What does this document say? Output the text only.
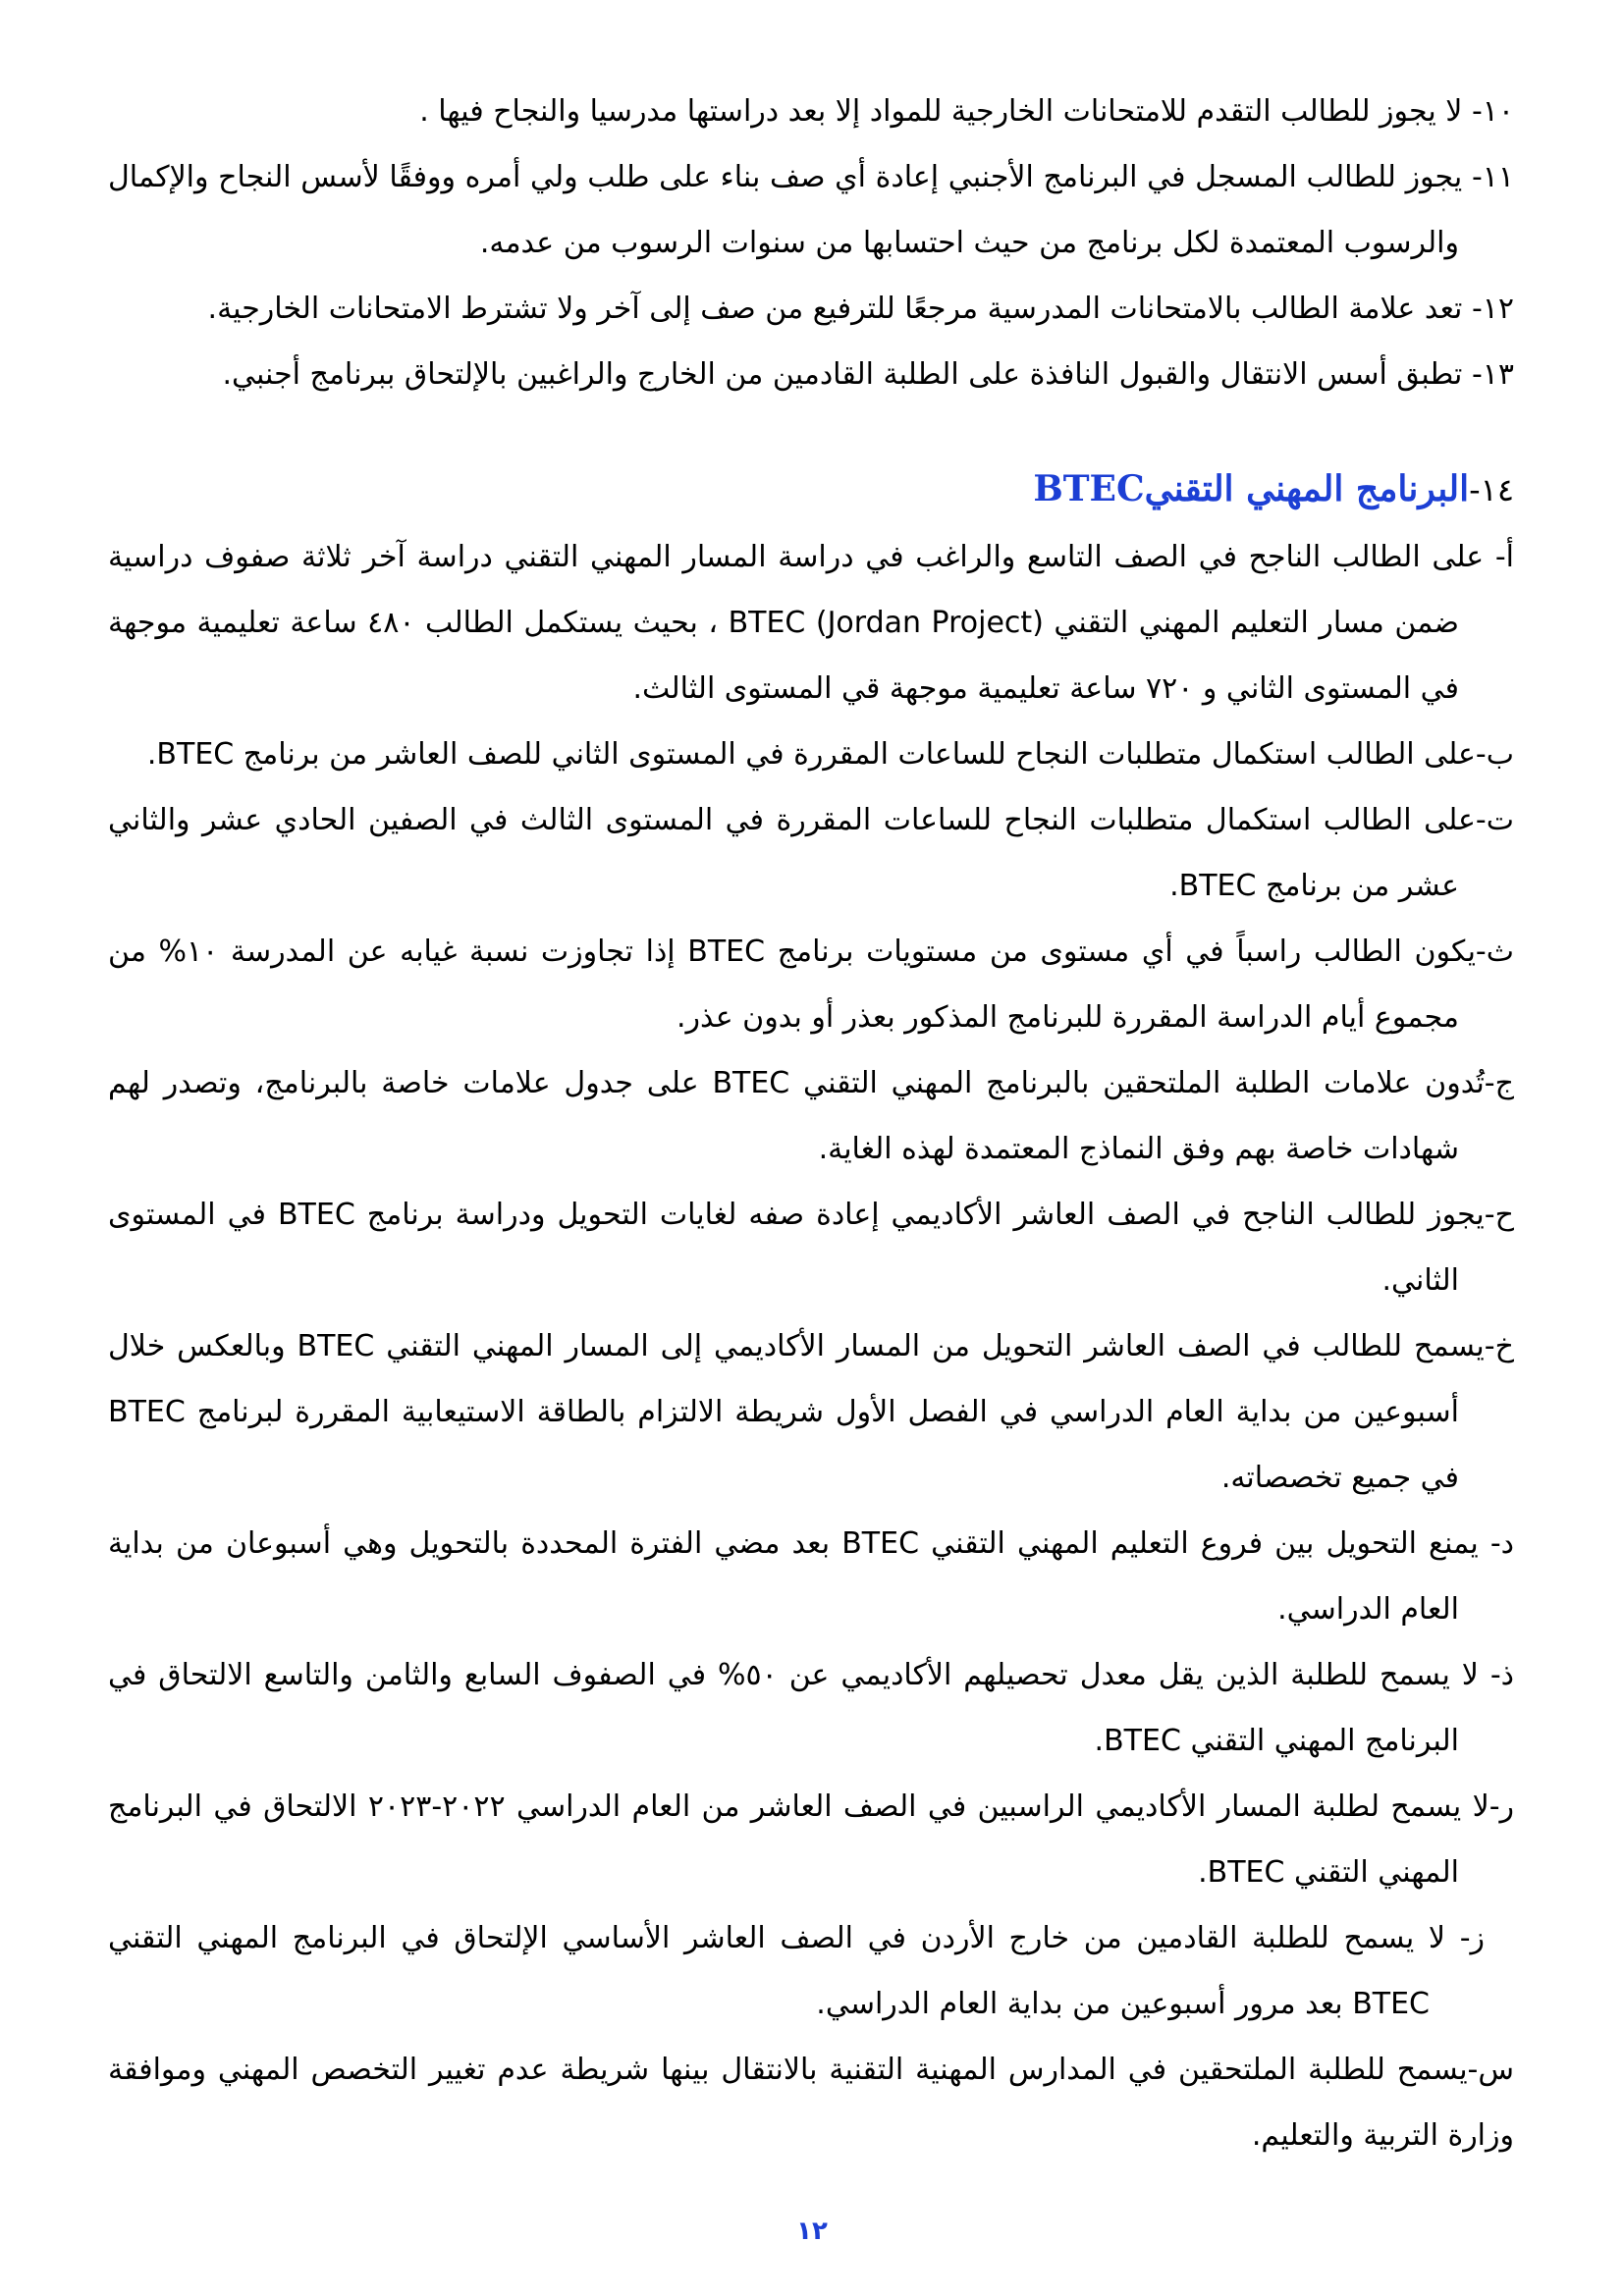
١٠- لا يجوز للطالب التقدم للامتحانات الخارجية للمواد إلا بعد دراستها مدرسيا والنجاح فيها .

١١- يجوز للطالب المسجل في البرنامج الأجنبي إعادة أي صف بناء على طلب ولي أمره ووفقًا لأسس النجاح والإكمال والرسوب المعتمدة لكل برنامج من حيث احتسابها من سنوات الرسوب من عدمه.

١٢- تعد علامة الطالب بالامتحانات المدرسية مرجعًا للترفيع من صف إلى آخر ولا تشترط الامتحانات الخارجية.

١٣- تطبق أسس الانتقال والقبول النافذة على الطلبة القادمين من الخارج والراغبين بالإلتحاق ببرنامج أجنبي.

١٤-البرنامج المهني التقنيBTEC

أ- على الطالب الناجح في الصف التاسع والراغب في دراسة المسار المهني التقني دراسة آخر ثلاثة صفوف دراسية ضمن مسار التعليم المهني التقني (BTEC (Jordan Project ، بحيث يستكمل الطالب ٤٨٠ ساعة تعليمية موجهة في المستوى الثاني و ٧٢٠ ساعة تعليمية موجهة قي المستوى الثالث.

ب-على الطالب استكمال متطلبات النجاح للساعات المقررة في المستوى الثاني للصف العاشر من برنامج BTEC.

ت-على الطالب استكمال متطلبات النجاح للساعات المقررة في المستوى الثالث في الصفين الحادي عشر والثاني عشر من برنامج BTEC.

ث-يكون الطالب راسباً في أي مستوى من مستويات برنامج BTEC إذا تجاوزت نسبة غيابه عن المدرسة ١٠% من مجموع أيام الدراسة المقررة للبرنامج المذكور بعذر أو بدون عذر.

ج-تُدون علامات الطلبة الملتحقين بالبرنامج المهني التقني BTEC على جدول علامات خاصة بالبرنامج، وتصدر لهم شهادات خاصة بهم وفق النماذج المعتمدة لهذه الغاية.

ح-يجوز للطالب الناجح في الصف العاشر الأكاديمي إعادة صفه لغايات التحويل ودراسة برنامج BTEC في المستوى الثاني.

خ-يسمح للطالب في الصف العاشر التحويل من المسار الأكاديمي إلى المسار المهني التقني BTEC وبالعكس خلال أسبوعين من بداية العام الدراسي في الفصل الأول شريطة الالتزام بالطاقة الاستيعابية المقررة لبرنامج BTEC في جميع تخصصاته.

د- يمنع التحويل بين فروع التعليم المهني التقني BTEC بعد مضي الفترة المحددة بالتحويل وهي أسبوعان من بداية العام الدراسي.

ذ- لا يسمح للطلبة الذين يقل معدل تحصيلهم الأكاديمي عن ٥٠% في الصفوف السابع والثامن والتاسع الالتحاق في البرنامج المهني التقني BTEC.

ر-لا يسمح لطلبة المسار الأكاديمي الراسبين في الصف العاشر من العام الدراسي ٢٠٢٢-٢٠٢٣ الالتحاق في البرنامج المهني التقني BTEC.

ز- لا يسمح للطلبة القادمين من خارج الأردن في الصف العاشر الأساسي الإلتحاق في البرنامج المهني التقني BTEC بعد مرور أسبوعين من بداية العام الدراسي.

س-يسمح للطلبة الملتحقين في المدارس المهنية التقنية بالانتقال بينها شريطة عدم تغيير التخصص المهني وموافقة وزارة التربية والتعليم.

١٢
